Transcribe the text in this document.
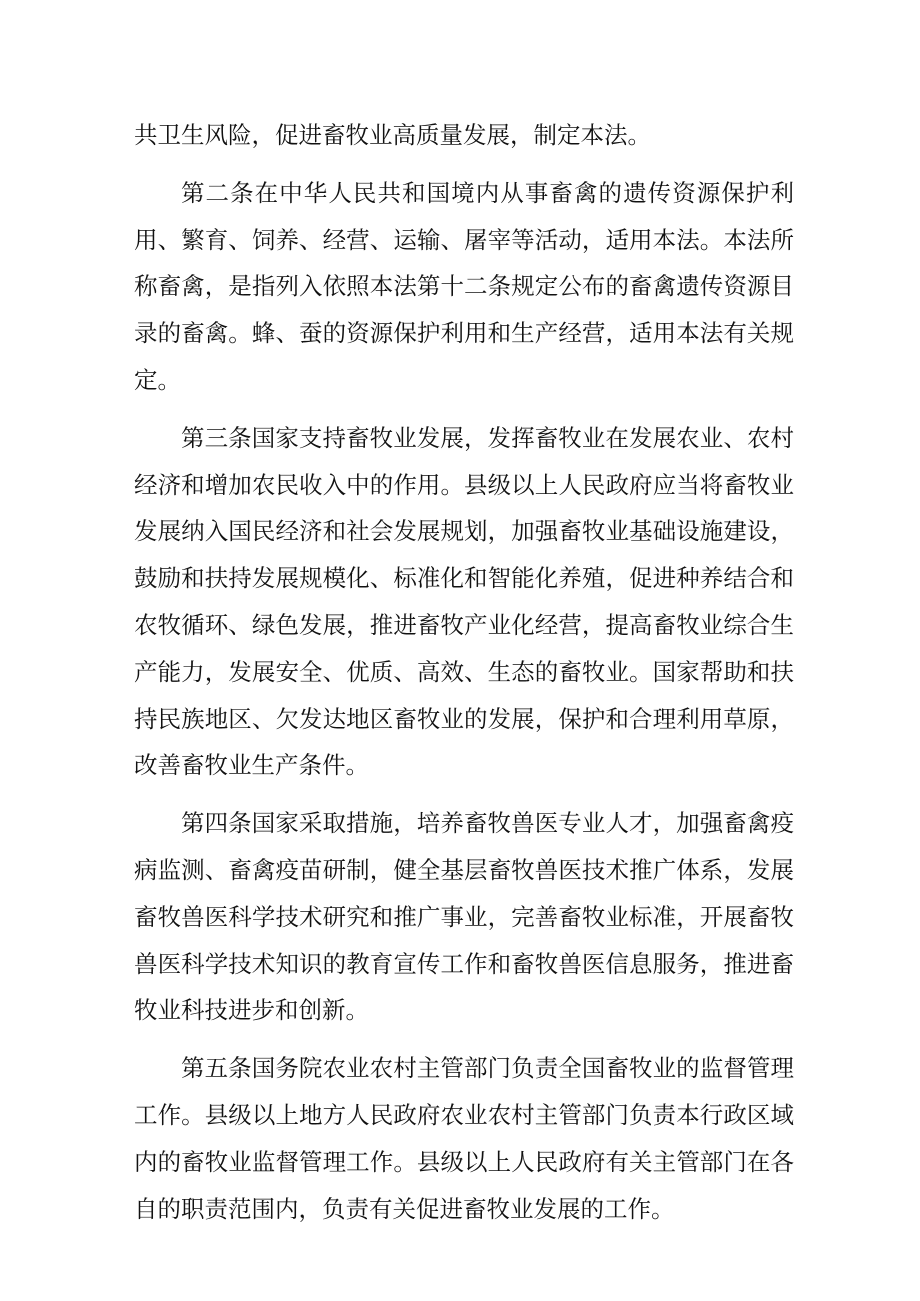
共卫生风险，促进畜牧业高质量发展，制定本法。

第二条在中华人民共和国境内从事畜禽的遗传资源保护利用、繁育、饲养、经营、运输、屠宰等活动，适用本法。本法所称畜禽，是指列入依照本法第十二条规定公布的畜禽遗传资源目录的畜禽。蜂、蚕的资源保护利用和生产经营，适用本法有关规定。

第三条国家支持畜牧业发展，发挥畜牧业在发展农业、农村经济和增加农民收入中的作用。县级以上人民政府应当将畜牧业发展纳入国民经济和社会发展规划，加强畜牧业基础设施建设，鼓励和扶持发展规模化、标准化和智能化养殖，促进种养结合和农牧循环、绿色发展，推进畜牧产业化经营，提高畜牧业综合生产能力，发展安全、优质、高效、生态的畜牧业。国家帮助和扶持民族地区、欠发达地区畜牧业的发展，保护和合理利用草原，改善畜牧业生产条件。

第四条国家采取措施，培养畜牧兽医专业人才，加强畜禽疫病监测、畜禽疫苗研制，健全基层畜牧兽医技术推广体系，发展畜牧兽医科学技术研究和推广事业，完善畜牧业标准，开展畜牧兽医科学技术知识的教育宣传工作和畜牧兽医信息服务，推进畜牧业科技进步和创新。

第五条国务院农业农村主管部门负责全国畜牧业的监督管理工作。县级以上地方人民政府农业农村主管部门负责本行政区域内的畜牧业监督管理工作。县级以上人民政府有关主管部门在各自的职责范围内，负责有关促进畜牧业发展的工作。
